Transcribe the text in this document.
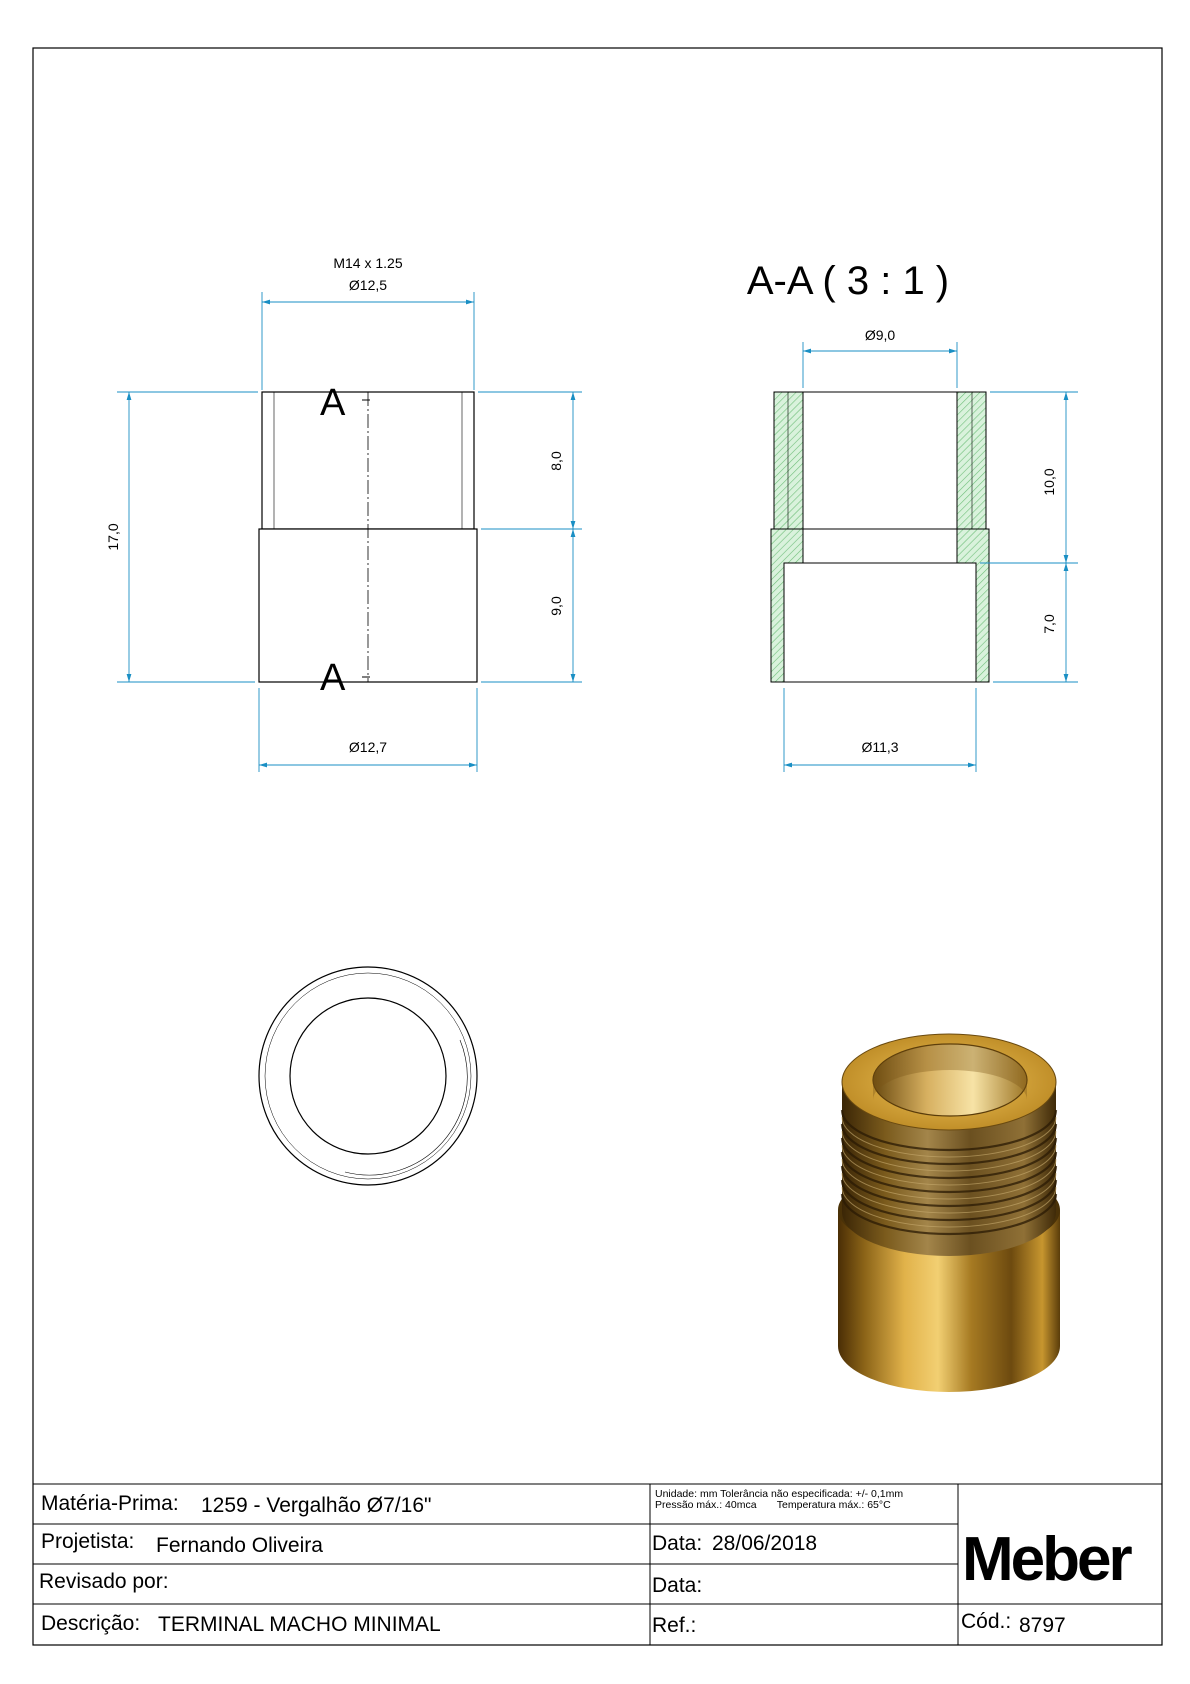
M14 x 1.25
Ø12,5
Ø12,7
17,0
8,0
9,0
A
A
A-A ( 3 : 1 )
Ø9,0
Ø11,3
10,0
7,0
Matéria-Prima: 1259 - Vergalhão Ø7/16"	Unidade: mm Tolerância não especificada: +/- 0,1mm
Pressão máx.: 40mca       Temperatura máx.: 65°C
Projetista: Fernando Oliveira	Data: 28/06/2018
Revisado por:	Data:
Descrição: TERMINAL MACHO MINIMAL	Ref.:	Cód.: 8797
Meber
